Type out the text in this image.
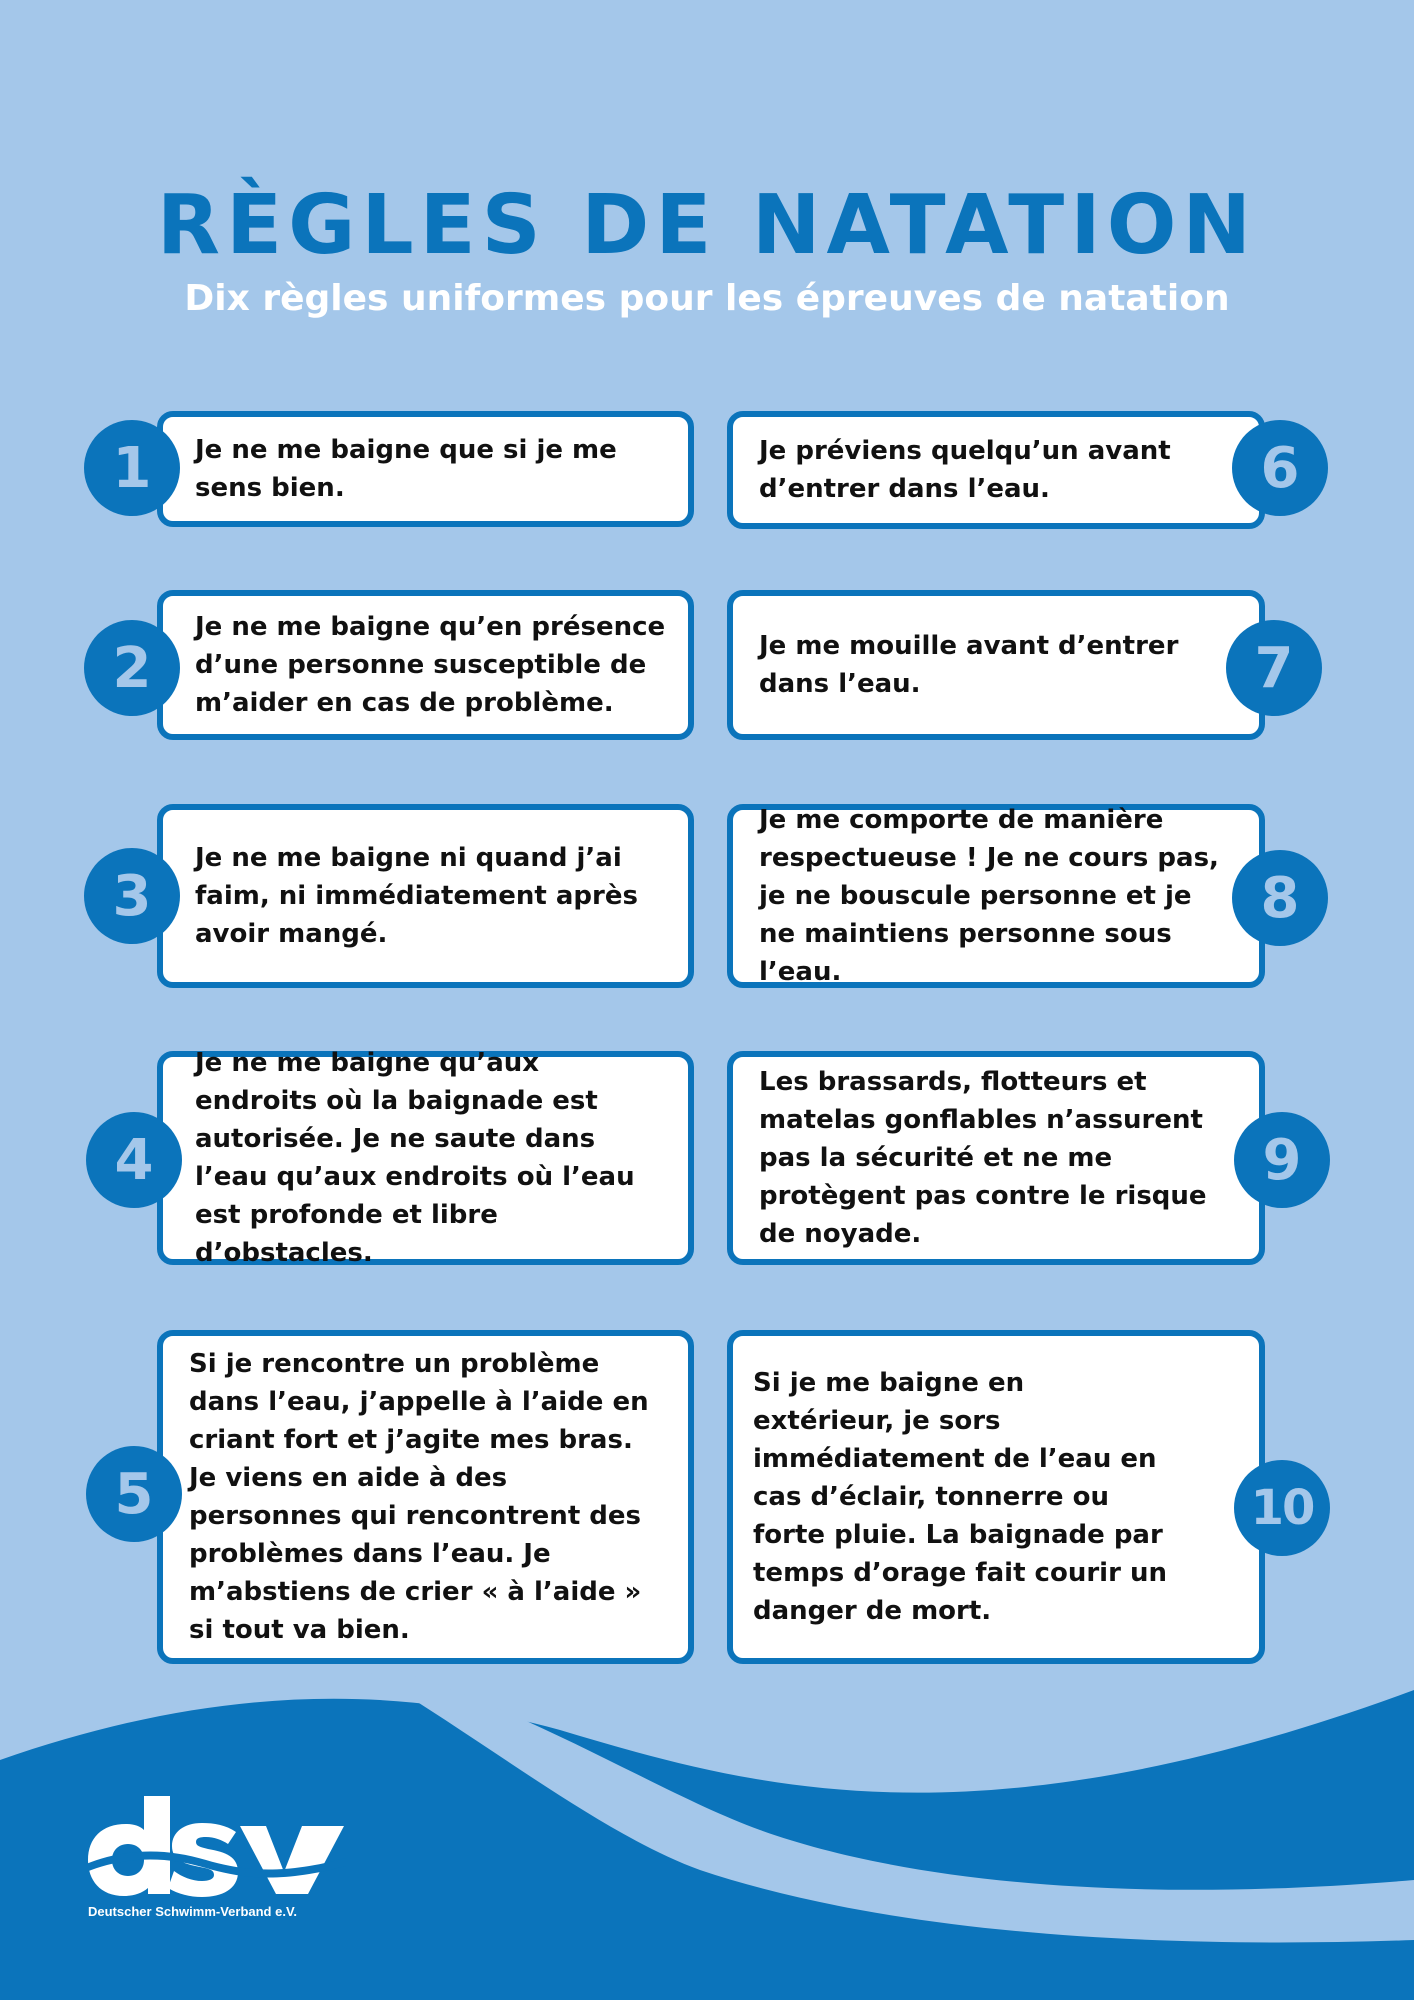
RÈGLES DE NATATION
Dix règles uniformes pour les épreuves de natation

Je ne me baigne que si je me sens bien.

1

Je ne me baigne qu’en présence d’une personne susceptible de m’aider en cas de problème.

2

Je ne me baigne ni quand j’ai faim, ni immédiatement après avoir mangé.

3

Je ne me baigne qu’aux endroits où la baignade est autorisée. Je ne saute dans l’eau qu’aux endroits où l’eau est profonde et libre d’obstacles.

4

Si je rencontre un problème dans l’eau, j’appelle à l’aide en criant fort et j’agite mes bras. Je viens en aide à des personnes qui rencontrent des problèmes dans l’eau. Je m’abstiens de crier « à l’aide » si tout va bien.

5

Je préviens quelqu’un avant d’entrer dans l’eau.	6

Je me mouille avant d’entrer dans l’eau.	7

Je me comporte de manière respectueuse ! Je ne cours pas, je ne bouscule personne et je ne maintiens personne sous l’eau.

8

Les brassards, flotteurs et matelas gonflables n’assurent pas la sécurité et ne me protègent pas contre le risque de noyade.

9

Si je me baigne en extérieur, je sors immédiatement de l’eau en cas d’éclair, tonnerre ou forte pluie. La baignade par temps d’orage fait courir un danger de mort.

10
Deutscher Schwimm-Verband e.V.
